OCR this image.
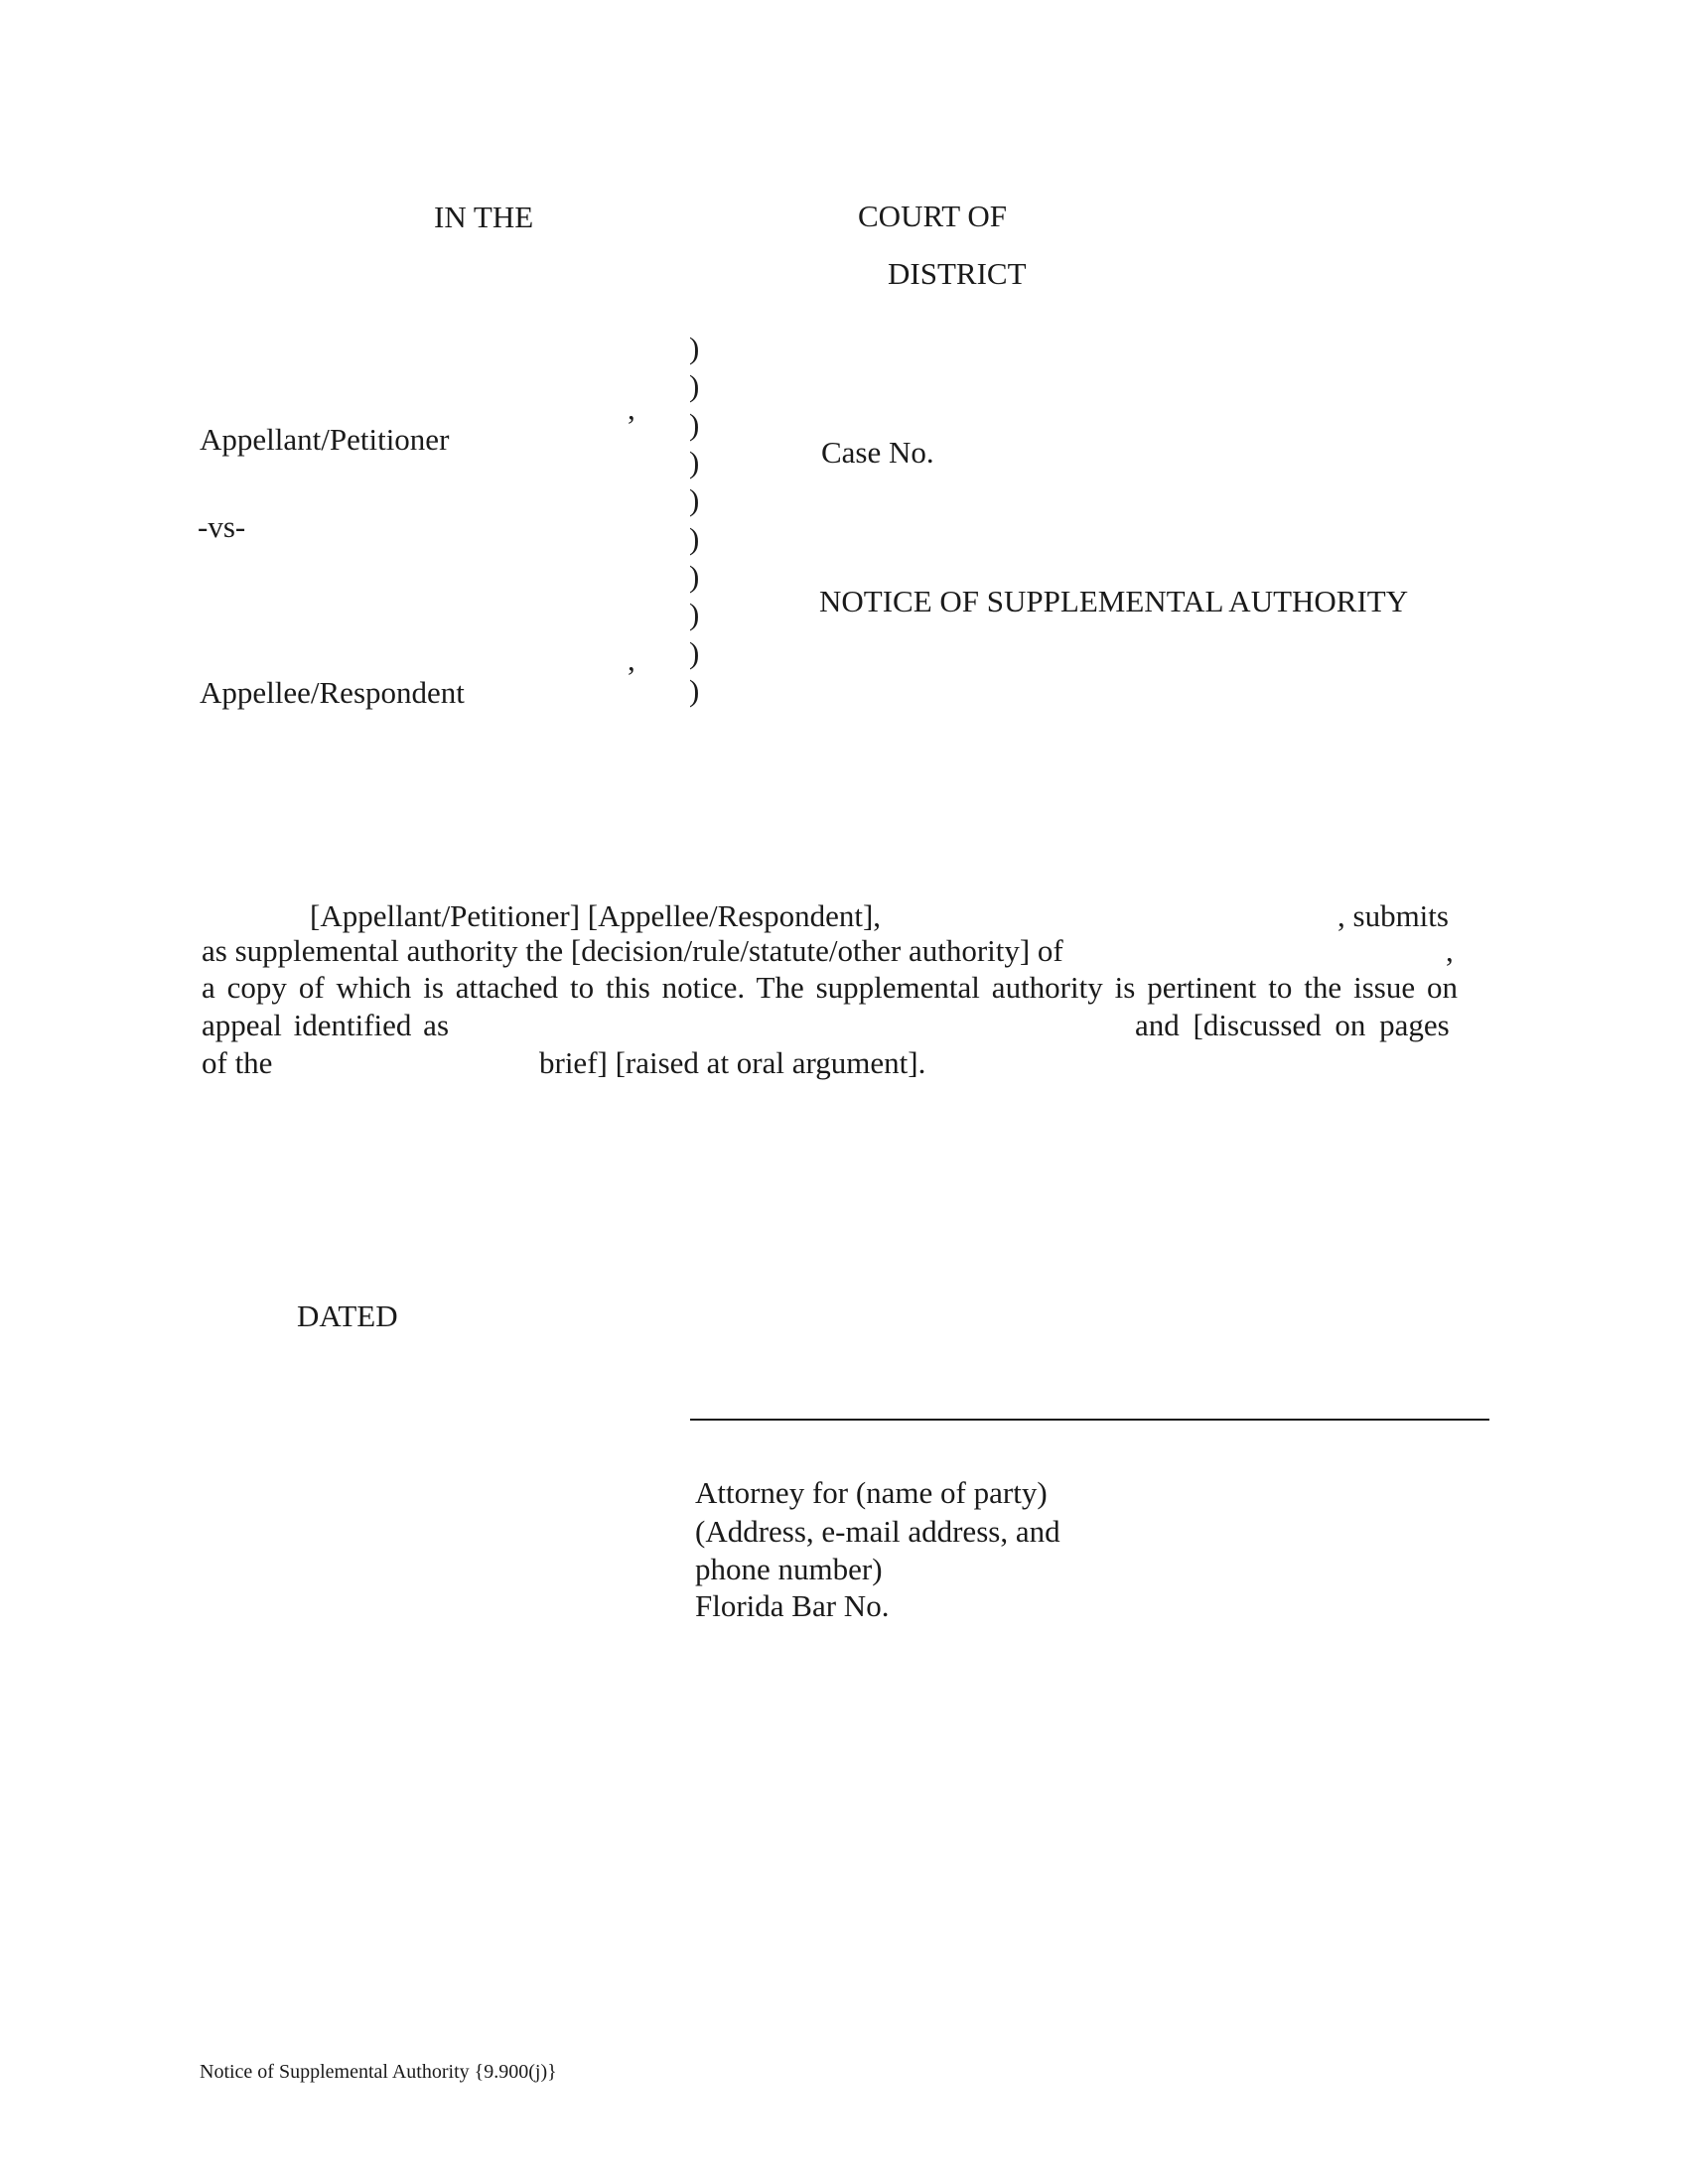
IN THE	COURT OF
DISTRICT
,
Appellant/Petitioner
-vs-
,
Appellee/Respondent
)
)
)
)
)
)
)
)
)
)
Case No.
NOTICE OF SUPPLEMENTAL AUTHORITY
[Appellant/Petitioner] [Appellee/Respondent],	, submits
as supplemental authority the [decision/rule/statute/other authority] of	,
a copy of which is attached to this notice. The supplemental authority is pertinent to the issue on
appeal identified as	and [discussed on pages
of the	brief] [raised at oral argument].
DATED
Attorney for (name of party)
(Address, e-mail address, and
phone number)
Florida Bar No.
Notice of Supplemental Authority {9.900(j)}
